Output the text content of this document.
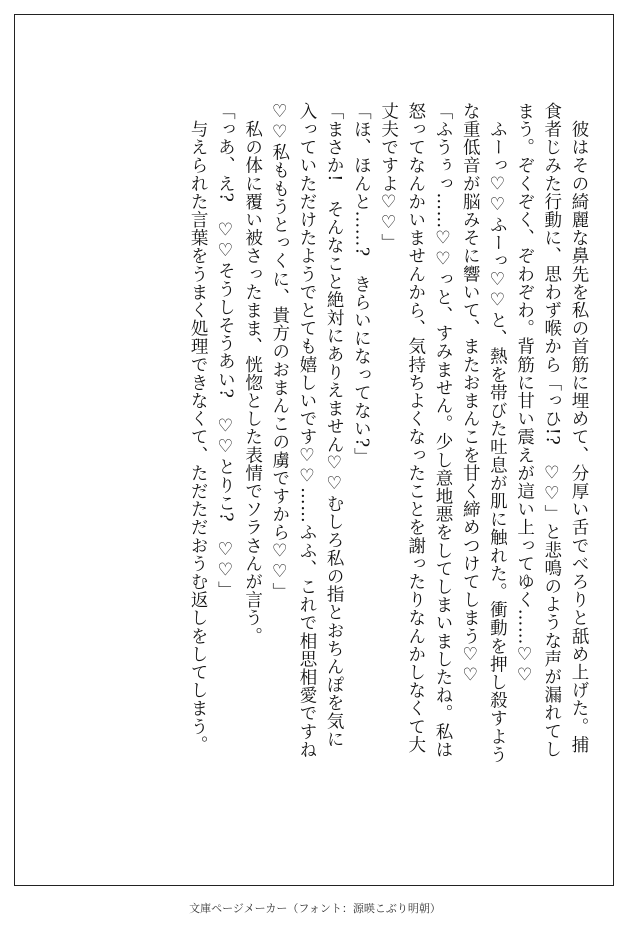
　彼はその綺麗な鼻先を私の首筋に埋めて、分厚い舌でべろりと舐め上げた。捕
食者じみた行動に、思わず喉から「っひ!?　♡♡」と悲鳴のような声が漏れてし
まう。ぞくぞく、ぞわぞわ。背筋に甘い震えが這い上ってゆく……♡♡
　ふーっ♡♡ふーっ♡♡と、熱を帯びた吐息が肌に触れた。衝動を押し殺すよう
な重低音が脳みそに響いて、またおまんこを甘く締めつけてしまう♡♡
「ふうぅっ……♡♡っと、すみません。少し意地悪をしてしまいましたね。私は
怒ってなんかいませんから、気持ちよくなったことを謝ったりなんかしなくて大
丈夫ですよ♡♡」
「ほ、ほんと……?　きらいになってない?」
「まさか!　そんなこと絶対にありえません♡♡むしろ私の指とおちんぽを気に
入っていただけたようでとても嬉しいです♡♡……ふふ、これで相思相愛ですね
♡♡私ももうとっくに、貴方のおまんこの虜ですから♡♡」
　私の体に覆い被さったまま、恍惚とした表情でソラさんが言う。
「っあ、え?　♡♡そうしそうあい?　♡♡とりこ?　♡♡」
　与えられた言葉をうまく処理できなくて、ただただおうむ返しをしてしまう。
文庫ページメーカー（フォント：源暎こぶり明朝）
